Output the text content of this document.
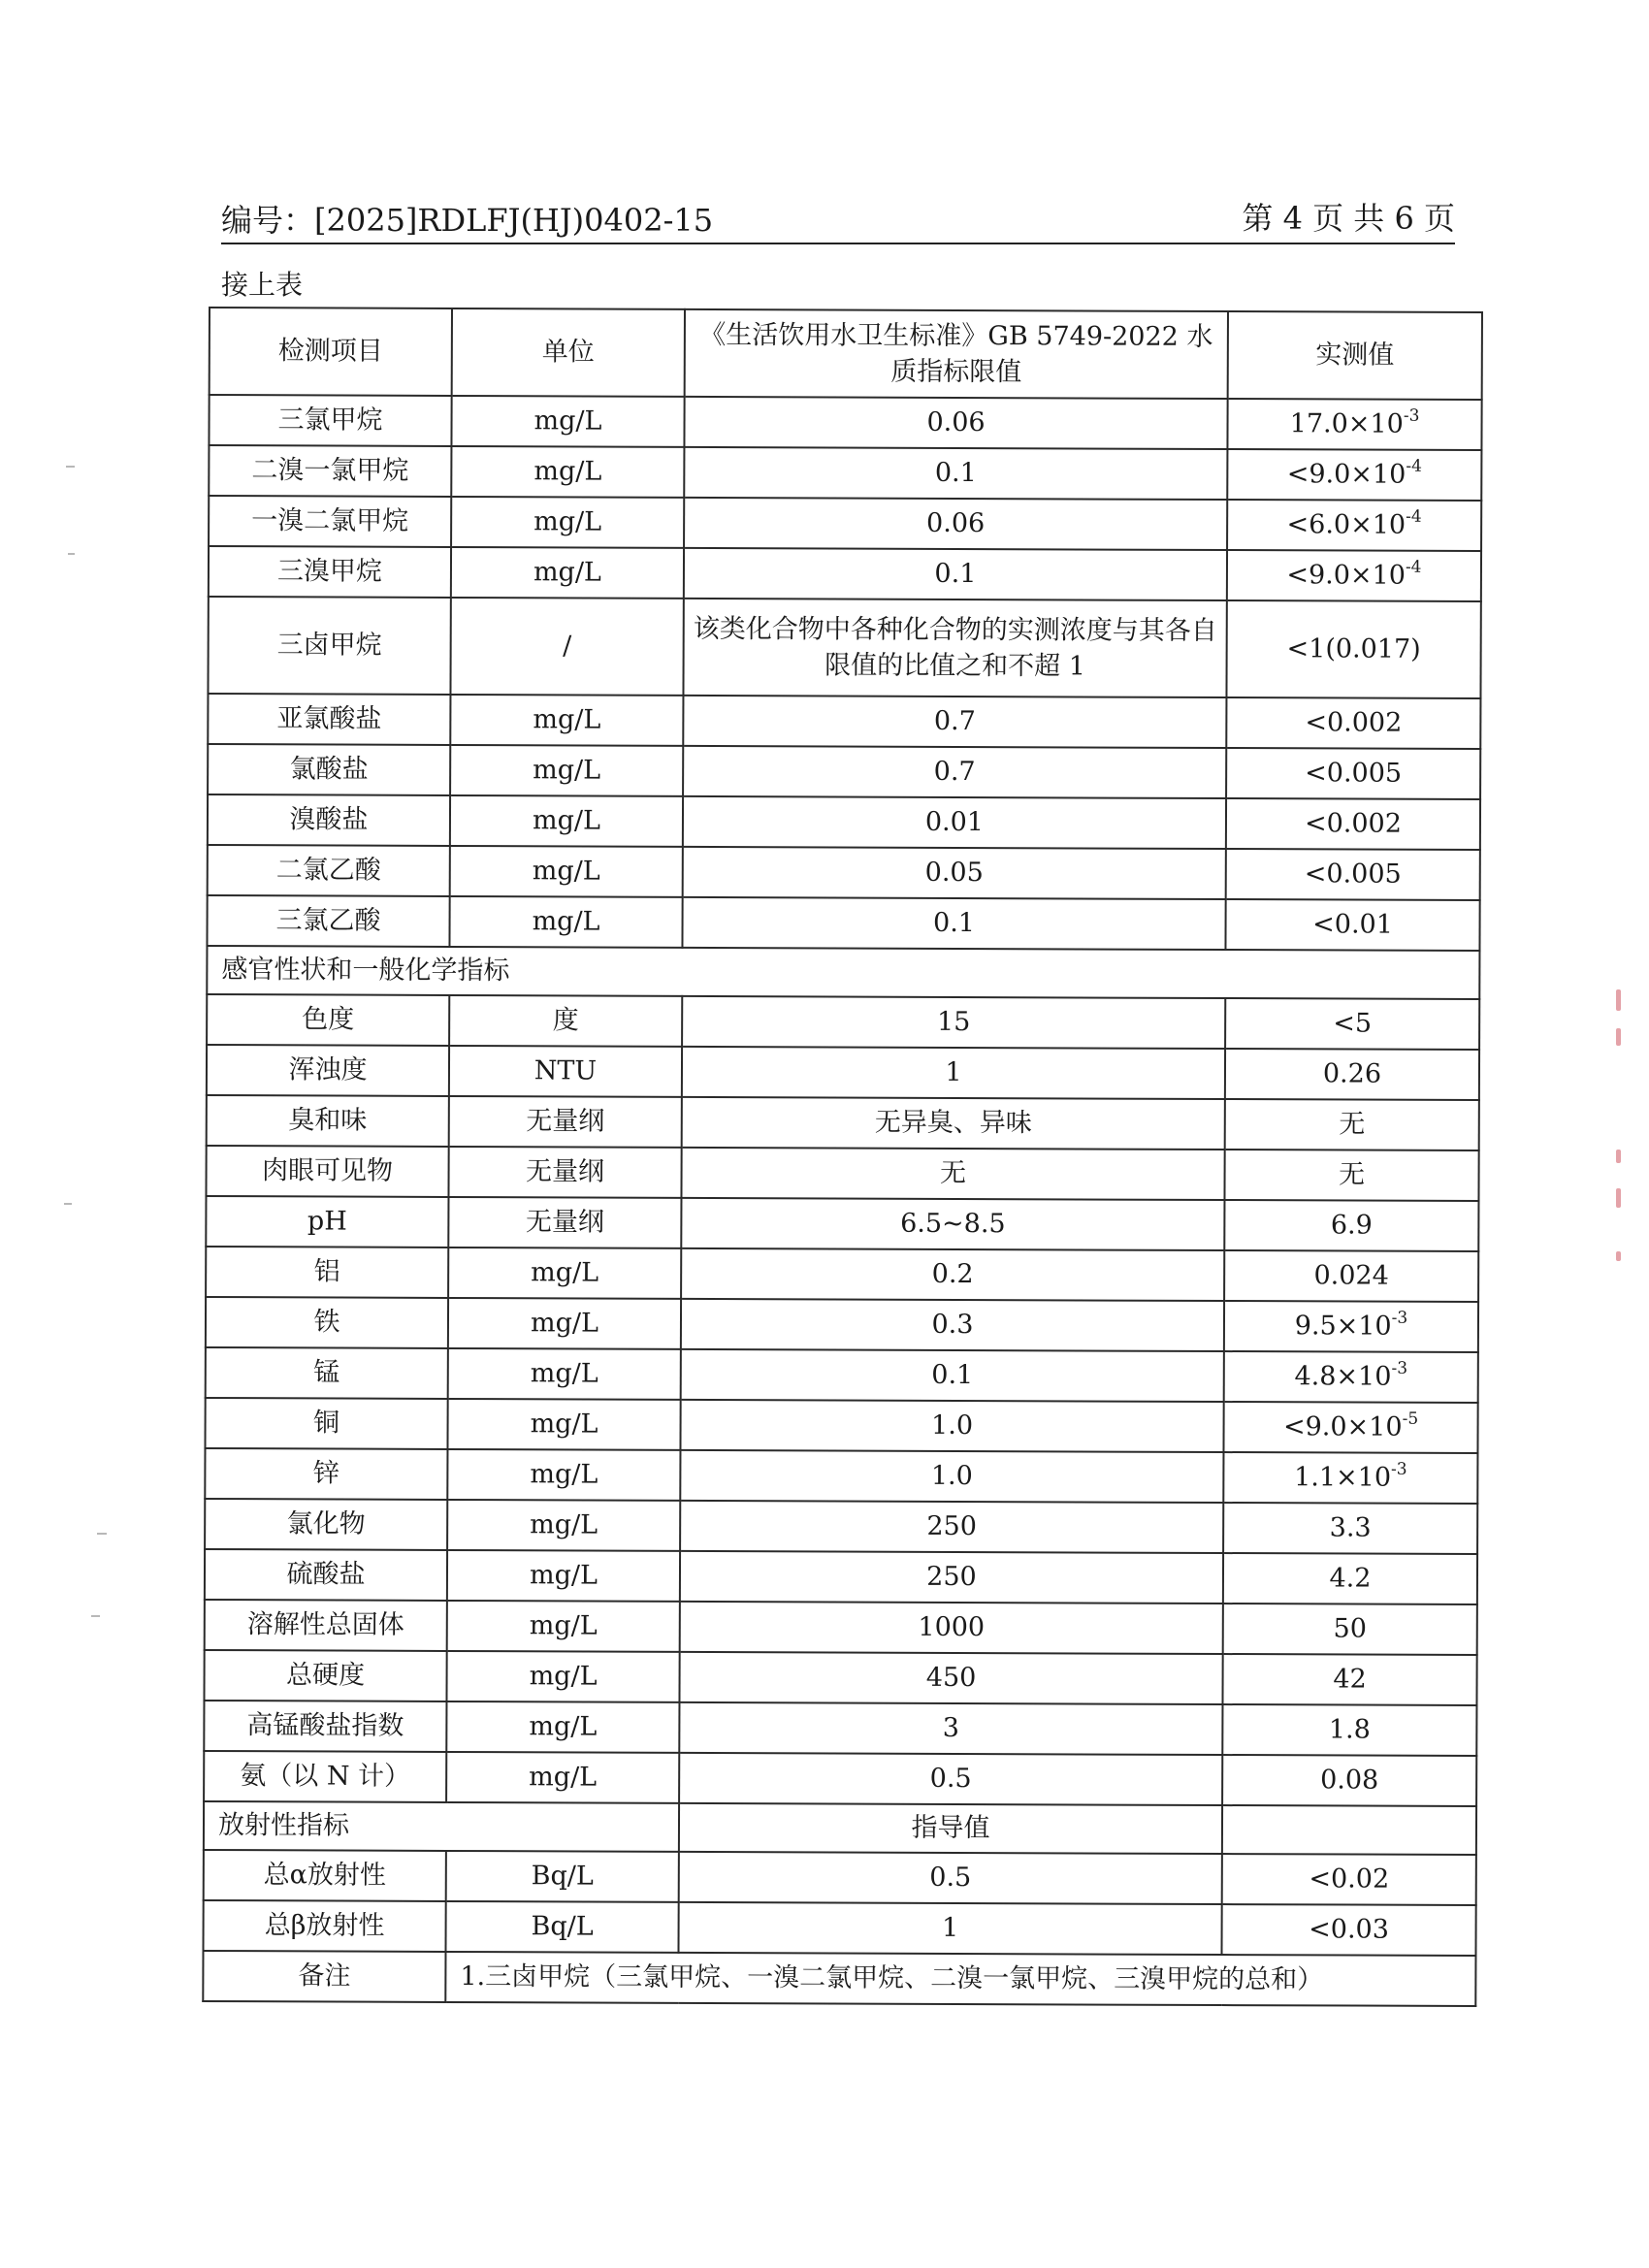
编号：[2025]RDLFJ(HJ)0402-15	第 4 页 共 6 页
接上表
检测项目	单位	《生活饮用水卫生标准》GB 5749-2022 水质指标限值	实测值
三氯甲烷	mg/L	0.06	$17.0\times 10^{-3}$
二溴一氯甲烷	mg/L	0.1	$<9.0\times 10^{-4}$
一溴二氯甲烷	mg/L	0.06	$<6.0\times 10^{-4}$
三溴甲烷	mg/L	0.1	$<9.0\times 10^{-4}$
三卤甲烷	/	该类化合物中各种化合物的实测浓度与其各自限值的比值之和不超 1	<1(0.017)
亚氯酸盐	mg/L	0.7	<0.002
氯酸盐	mg/L	0.7	<0.005
溴酸盐	mg/L	0.01	<0.002
二氯乙酸	mg/L	0.05	<0.005
三氯乙酸	mg/L	0.1	<0.01
感官性状和一般化学指标			
色度	度	15	<5
浑浊度	NTU	1	0.26
臭和味	无量纲	无异臭、异味	无
肉眼可见物	无量纲	无	无
pH	无量纲	6.5~8.5	6.9
铝	mg/L	0.2	0.024
铁	mg/L	0.3	$9.5\times 10^{-3}$
锰	mg/L	0.1	$4.8\times 10^{-3}$
铜	mg/L	1.0	$<9.0\times 10^{-5}$
锌	mg/L	1.0	$1.1\times 10^{-3}$
氯化物	mg/L	250	3.3
硫酸盐	mg/L	250	4.2
溶解性总固体	mg/L	1000	50
总硬度	mg/L	450	42
高锰酸盐指数	mg/L	3	1.8
氨（以 N 计）	mg/L	0.5	0.08
放射性指标		指导值	
总α放射性	Bq/L	0.5	<0.02
总β放射性	Bq/L	1	<0.03
备注	1.三卤甲烷（三氯甲烷、一溴二氯甲烷、二溴一氯甲烷、三溴甲烷的总和）		
